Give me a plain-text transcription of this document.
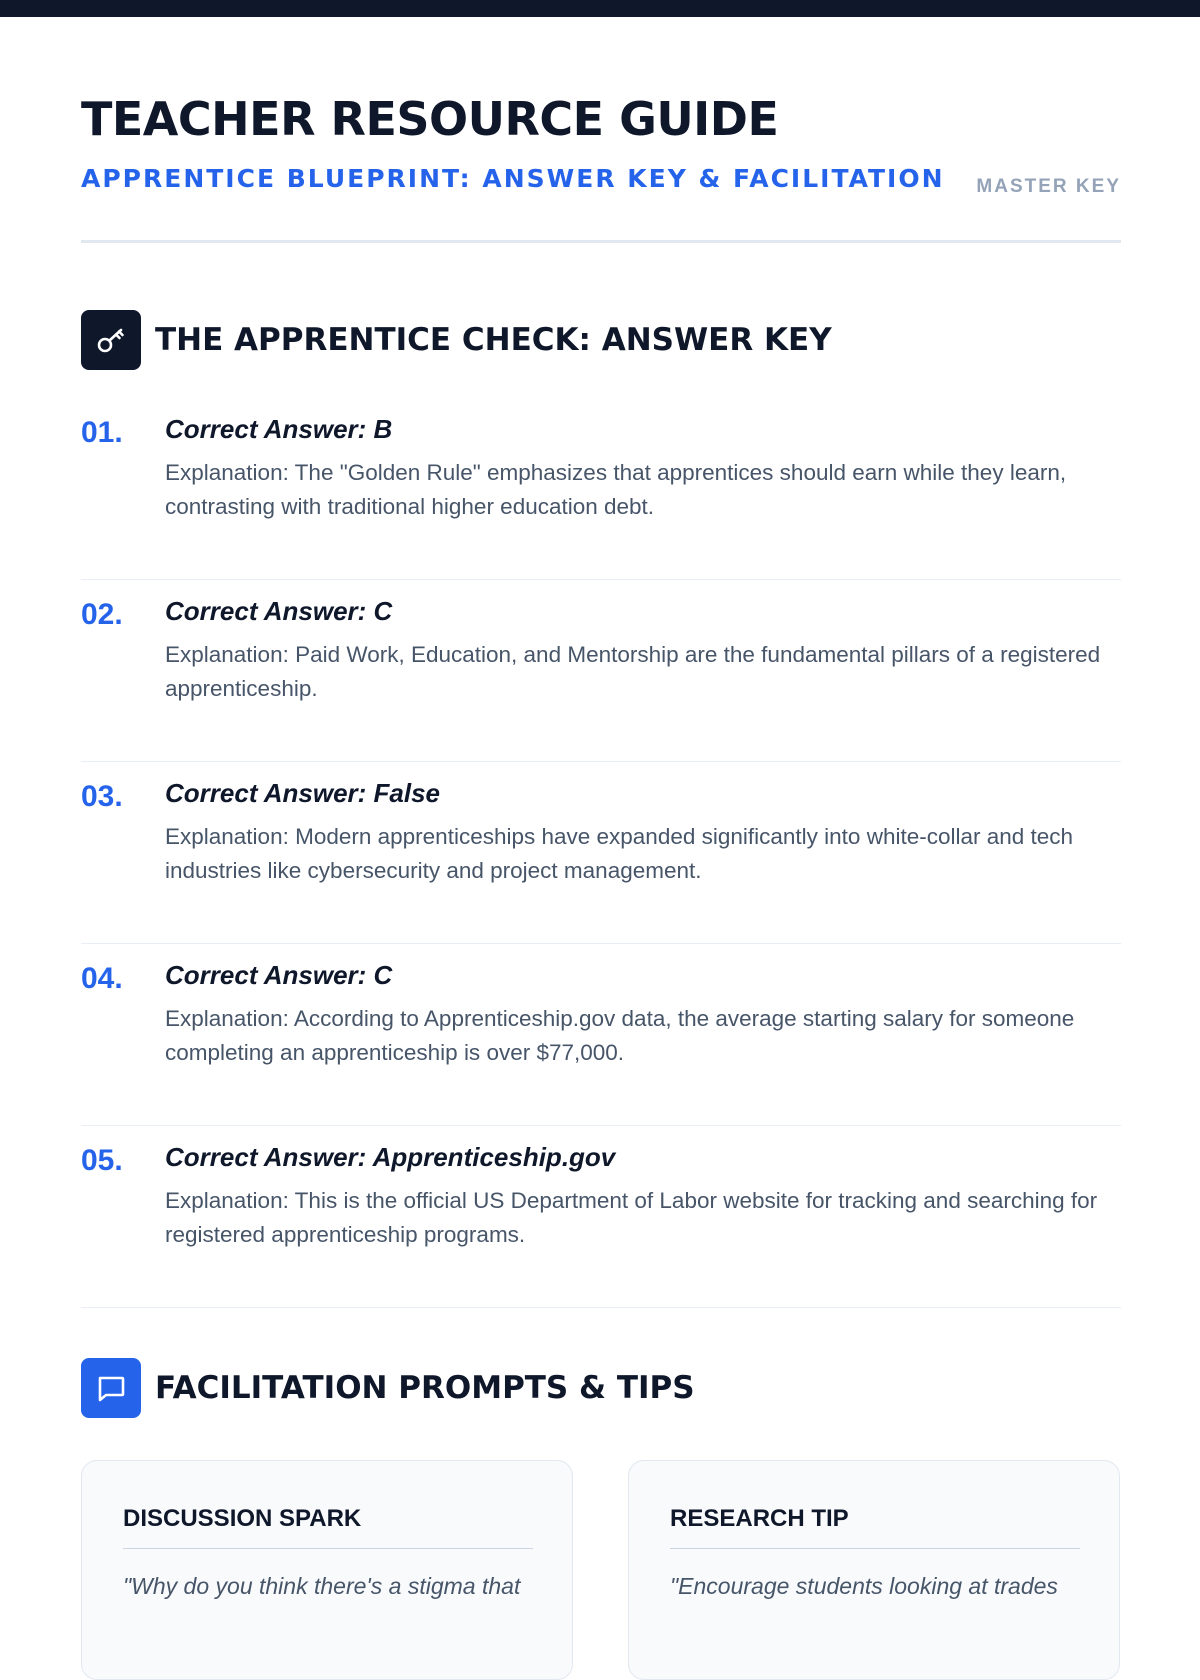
TEACHER RESOURCE GUIDE
APPRENTICE BLUEPRINT: ANSWER KEY & FACILITATION MASTER KEY
THE APPRENTICE CHECK: ANSWER KEY
01. Correct Answer: B
Explanation: The "Golden Rule" emphasizes that apprentices should earn while they learn, contrasting with traditional higher education debt.
02. Correct Answer: C
Explanation: Paid Work, Education, and Mentorship are the fundamental pillars of a registered apprenticeship.
03. Correct Answer: False
Explanation: Modern apprenticeships have expanded significantly into white-collar and tech industries like cybersecurity and project management.
04. Correct Answer: C
Explanation: According to Apprenticeship.gov data, the average starting salary for someone completing an apprenticeship is over $77,000.
05. Correct Answer: Apprenticeship.gov
Explanation: This is the official US Department of Labor website for tracking and searching for registered apprenticeship programs.
FACILITATION PROMPTS & TIPS
DISCUSSION SPARK
"Why do you think there's a stigma that
RESEARCH TIP
"Encourage students looking at trades
